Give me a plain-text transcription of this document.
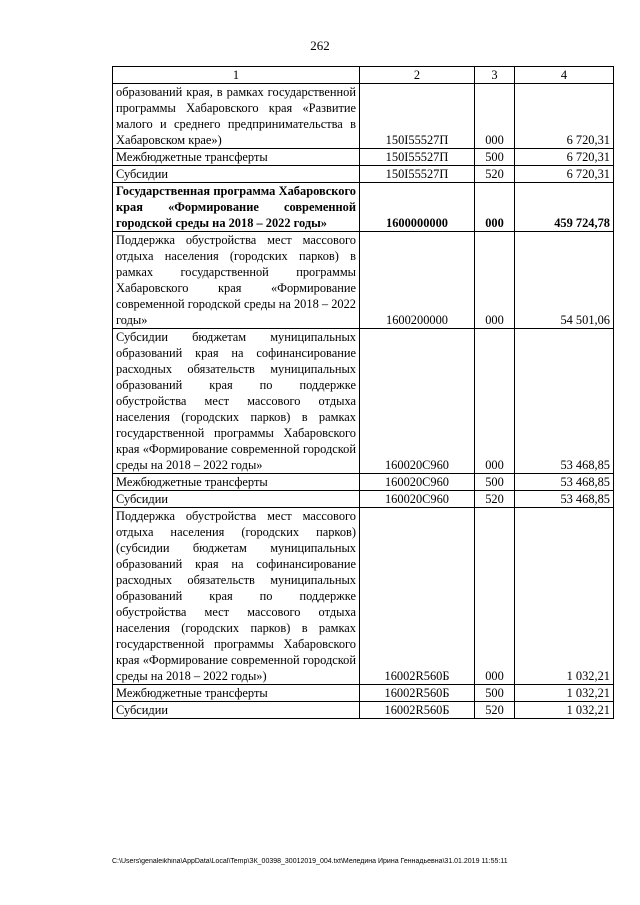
262
1	2	3	4
образований края, в рамках государственной программы Хабаровского края «Развитие малого и среднего предпринимательства в Хабаровском крае»)	150I55527П	000	6 720,31
Межбюджетные трансферты	150I55527П	500	6 720,31
Субсидии	150I55527П	520	6 720,31
Государственная программа Хабаровского края «Формирование современной городской среды на 2018 – 2022 годы»	1600000000	000	459 724,78
Поддержка обустройства мест массового отдыха населения (городских парков) в рамках государственной программы Хабаровского края «Формирование современной городской среды на 2018 – 2022 годы»	1600200000	000	54 501,06
Субсидии бюджетам муниципальных образований края на софинансирование расходных обязательств муниципальных образований края по поддержке обустройства мест массового отдыха населения (городских парков) в рамках государственной программы Хабаровского края «Формирование современной городской среды на 2018 – 2022 годы»	160020С960	000	53 468,85
Межбюджетные трансферты	160020С960	500	53 468,85
Субсидии	160020С960	520	53 468,85
Поддержка обустройства мест массового отдыха населения (городских парков) (субсидии бюджетам муниципальных образований края на софинансирование расходных обязательств муниципальных образований края по поддержке обустройства мест массового отдыха населения (городских парков) в рамках государственной программы Хабаровского края «Формирование современной городской среды на 2018 – 2022 годы»)	16002R560Б	000	1 032,21
Межбюджетные трансферты	16002R560Б	500	1 032,21
Субсидии	16002R560Б	520	1 032,21
C:\Users\genaleikhina\AppData\Local\Temp\ЗК_00398_30012019_004.txt\Меледина Ирина Геннадьевна\31.01.2019 11:55:11
